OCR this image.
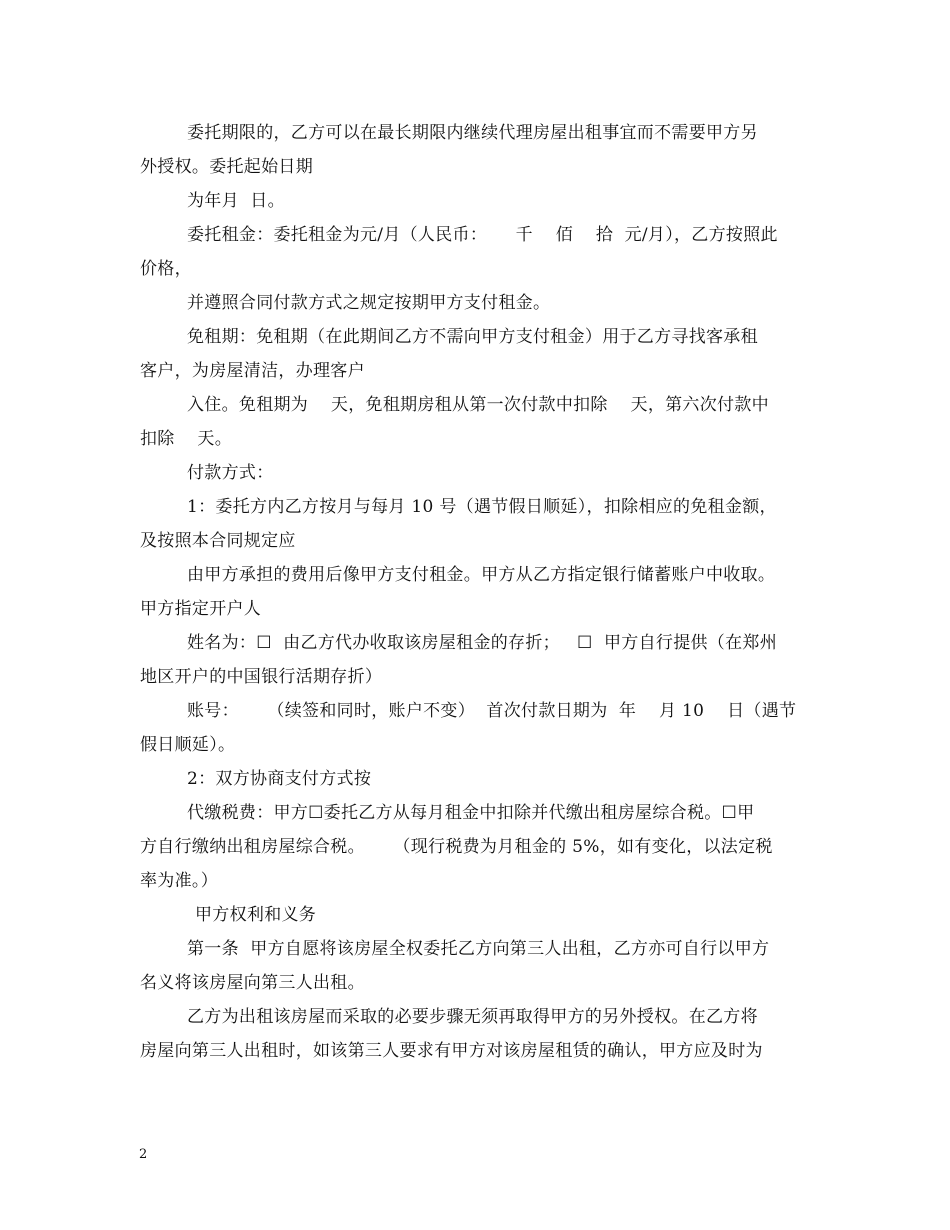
委托期限的，乙方可以在最长期限内继续代理房屋出租事宜而不需要甲方另
外授权。委托起始日期
为年月  日。
委托租金：委托租金为元/月（人民币：     千    佰    拾  元/月），乙方按照此
价格，
并遵照合同付款方式之规定按期甲方支付租金。
免租期：免租期（在此期间乙方不需向甲方支付租金）用于乙方寻找客承租
客户，为房屋清洁，办理客户
入住。免租期为    天，免租期房租从第一次付款中扣除    天，第六次付款中
扣除    天。
付款方式：
1：委托方内乙方按月与每月 10 号（遇节假日顺延），扣除相应的免租金额，
及按照本合同规定应
由甲方承担的费用后像甲方支付租金。甲方从乙方指定银行储蓄账户中收取。
甲方指定开户人
姓名为：☐  由乙方代办收取该房屋租金的存折；   ☐  甲方自行提供（在郑州
地区开户的中国银行活期存折）
账号：     （续签和同时，账户不变）  首次付款日期为  年    月 10    日（遇节
假日顺延）。
2：双方协商支付方式按
代缴税费：甲方☐委托乙方从每月租金中扣除并代缴出租房屋综合税。☐甲
方自行缴纳出租房屋综合税。     （现行税费为月租金的 5%，如有变化，以法定税
率为准。）
甲方权利和义务
第一条  甲方自愿将该房屋全权委托乙方向第三人出租，乙方亦可自行以甲方
名义将该房屋向第三人出租。
乙方为出租该房屋而采取的必要步骤无须再取得甲方的另外授权。在乙方将
房屋向第三人出租时，如该第三人要求有甲方对该房屋租赁的确认，甲方应及时为
2
